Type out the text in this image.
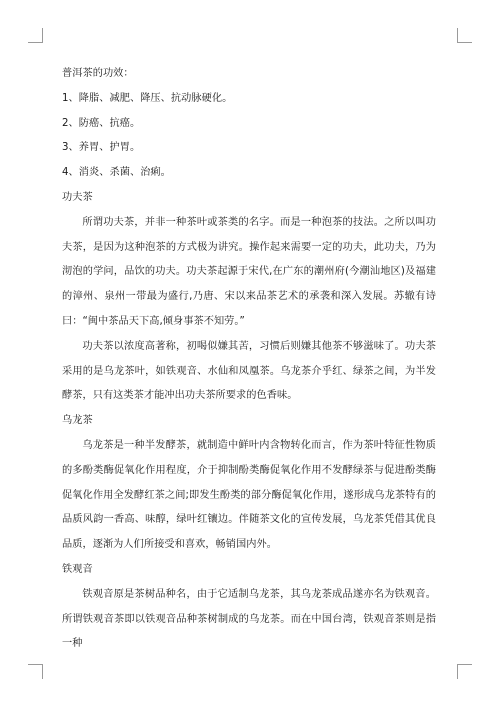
普洱茶的功效：

1、降脂、减肥、降压、抗动脉硬化。

2、防癌、抗癌。

3、养胃、护胃。

4、消炎、杀菌、治痢。

功夫茶

所谓功夫茶，并非一种茶叶或茶类的名字。而是一种泡茶的技法。之所以叫功夫茶，是因为这种泡茶的方式极为讲究。操作起来需要一定的功夫，此功夫，乃为沏泡的学问，品饮的功夫。功夫茶起源于宋代,在广东的潮州府(今潮汕地区)及福建的漳州、泉州一带最为盛行,乃唐、宋以来品茶艺术的承袭和深入发展。苏辙有诗曰：“闽中茶品天下高,倾身事茶不知劳。”

功夫茶以浓度高著称，初喝似嫌其苦，习惯后则嫌其他茶不够滋味了。功夫茶采用的是乌龙茶叶，如铁观音、水仙和凤凰茶。乌龙茶介乎红、绿茶之间，为半发酵茶，只有这类茶才能冲出功夫茶所要求的色香味。

乌龙茶

乌龙茶是一种半发酵茶，就制造中鲜叶内含物转化而言，作为茶叶特征性物质的多酚类酶促氧化作用程度，介于抑制酚类酶促氧化作用不发酵绿茶与促进酚类酶促氧化作用全发酵红茶之间;即发生酚类的部分酶促氧化作用，遂形成乌龙茶特有的品质风韵一香高、味醇，绿叶红镶边。伴随茶文化的宣传发展，乌龙茶凭借其优良品质，逐渐为人们所接受和喜欢，畅销国内外。

铁观音

铁观音原是茶树品种名，由于它适制乌龙茶，其乌龙茶成品遂亦名为铁观音。所谓铁观音茶即以铁观音品种茶树制成的乌龙茶。而在中国台湾，铁观音茶则是指一种
